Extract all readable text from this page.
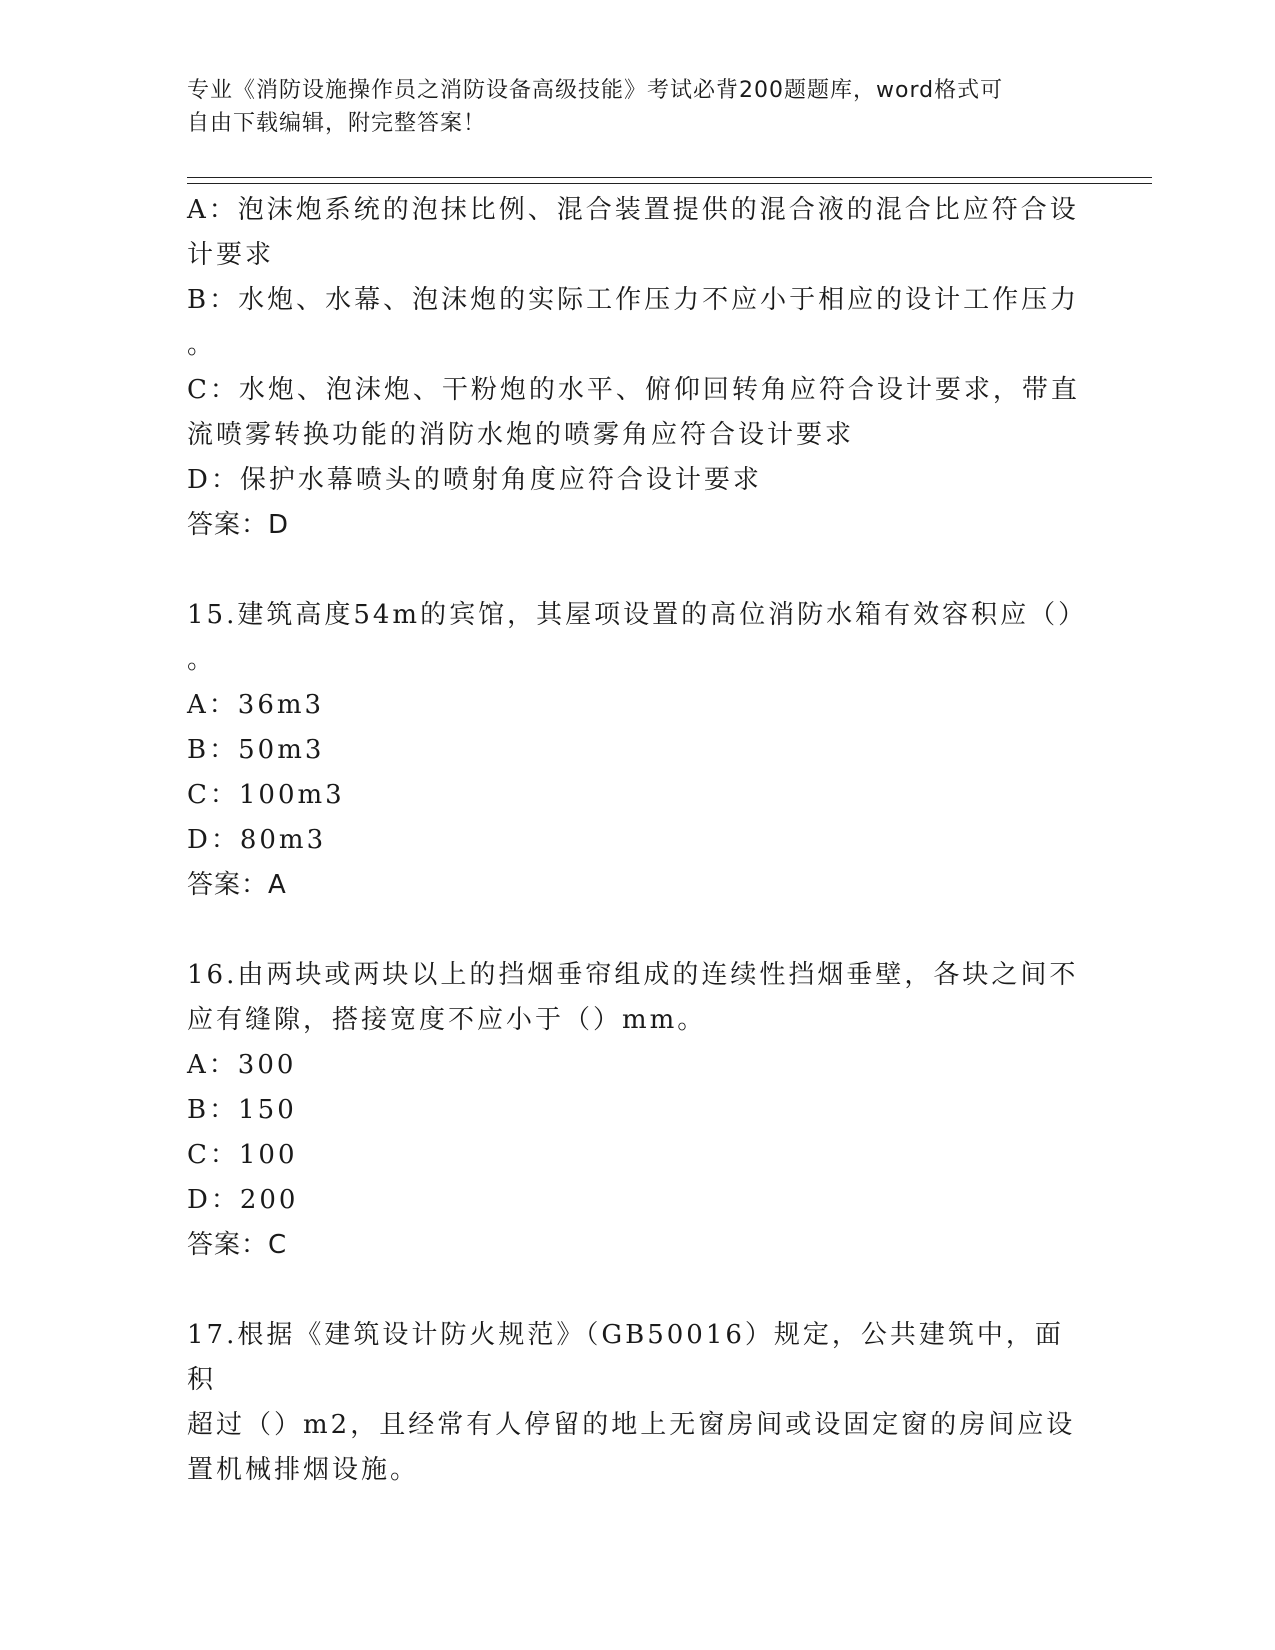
专业《消防设施操作员之消防设备高级技能》考试必背200题题库，word格式可
自由下载编辑，附完整答案！
A：泡沫炮系统的泡抹比例、混合装置提供的混合液的混合比应符合设
计要求
B：水炮、水幕、泡沫炮的实际工作压力不应小于相应的设计工作压力
。
C：水炮、泡沫炮、干粉炮的水平、俯仰回转角应符合设计要求，带直
流喷雾转换功能的消防水炮的喷雾角应符合设计要求
D：保护水幕喷头的喷射角度应符合设计要求
答案：D
15.建筑高度54m的宾馆，其屋项设置的高位消防水箱有效容积应（）
。
A：36m3
B：50m3
C：100m3
D：80m3
答案：A
16.由两块或两块以上的挡烟垂帘组成的连续性挡烟垂壁，各块之间不
应有缝隙，搭接宽度不应小于（）mm。
A：300
B：150
C：100
D：200
答案：C
17.根据《建筑设计防火规范》（GB50016）规定，公共建筑中，面积
超过（）m2，且经常有人停留的地上无窗房间或设固定窗的房间应设
置机械排烟设施。
